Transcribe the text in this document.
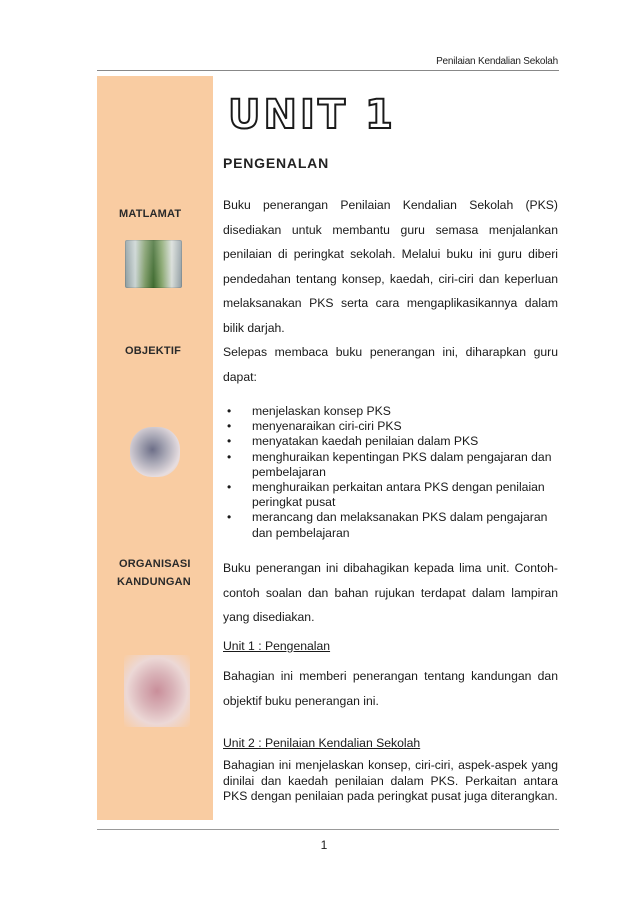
Penilaian Kendalian Sekolah
MATLAMAT
OBJEKTIF
ORGANISASI
KANDUNGAN
UNIT 1
PENGENALAN
Buku penerangan Penilaian Kendalian Sekolah (PKS) disediakan untuk membantu guru semasa menjalankan penilaian di peringkat sekolah. Melalui buku ini guru diberi pendedahan tentang konsep, kaedah, ciri-ciri dan keperluan melaksanakan PKS serta cara mengaplikasikannya dalam bilik darjah.
Selepas membaca buku penerangan ini, diharapkan guru dapat:
• menjelaskan konsep PKS
• menyenaraikan ciri-ciri PKS
• menyatakan kaedah penilaian dalam PKS
• menghuraikan kepentingan PKS dalam pengajaran dan pembelajaran
• menghuraikan perkaitan antara PKS dengan penilaian peringkat pusat
• merancang dan melaksanakan PKS dalam pengajaran dan pembelajaran
Buku penerangan ini dibahagikan kepada lima unit. Contoh-contoh soalan dan bahan rujukan terdapat dalam lampiran yang disediakan.
Unit 1 : Pengenalan
Bahagian ini memberi penerangan tentang kandungan dan objektif buku penerangan ini.
Unit 2 : Penilaian Kendalian Sekolah
Bahagian ini menjelaskan konsep, ciri-ciri, aspek-aspek yang dinilai dan kaedah penilaian dalam PKS. Perkaitan antara PKS dengan penilaian pada peringkat pusat juga diterangkan.
1
